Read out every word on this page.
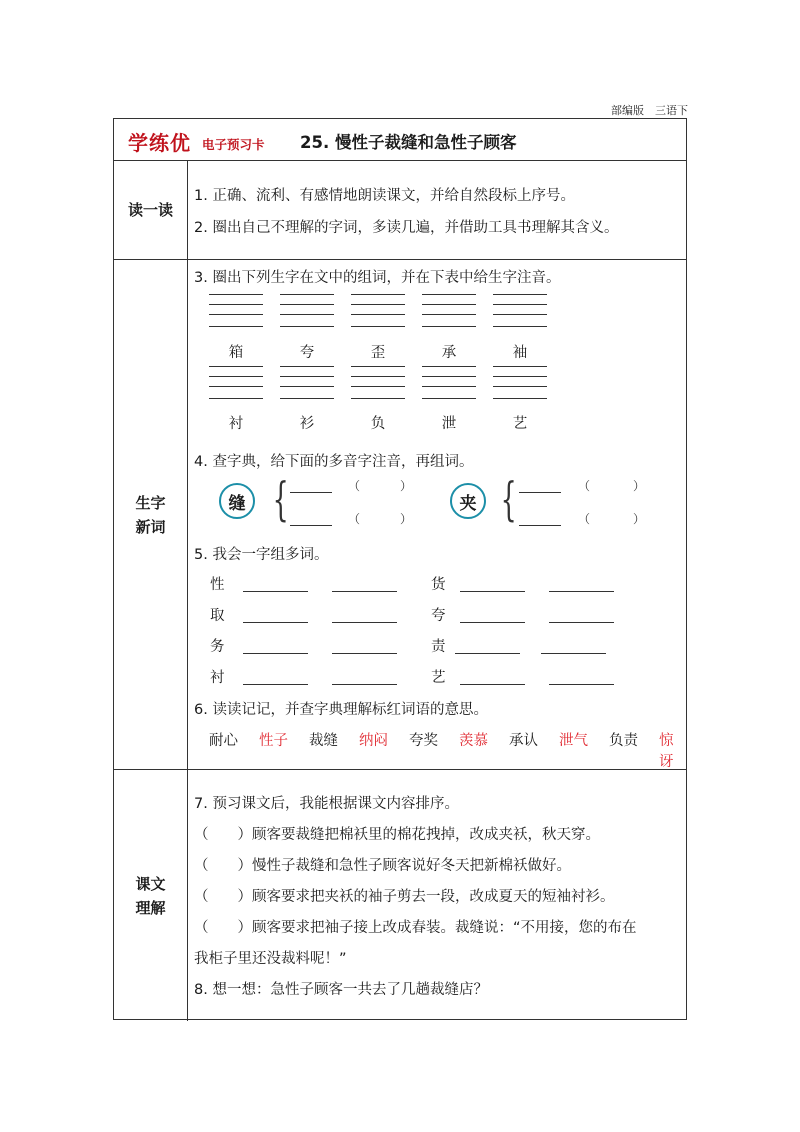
部编版　三语下
学练优 电子预习卡 25. 慢性子裁缝和急性子顾客
读一读
1. 正确、流利、有感情地朗读课文，并给自然段标上序号。
2. 圈出自己不理解的字词，多读几遍，并借助工具书理解其含义。
生字
新词
3. 圈出下列生字在文中的组词，并在下表中给生字注音。
箱	夸	歪	承	袖
衬	衫	负	泄	艺
4. 查字典，给下面的多音字注音，再组词。
缝 {	（	）
（	）
夹 {	（	）
（	）
5. 我会一字组多词。
性	货
取	夸
务	责
衬	艺
6. 读读记记，并查字典理解标红词语的意思。
耐心 性子 裁缝 纳闷 夸奖 羡慕 承认 泄气 负责 惊讶
课文
理解
7. 预习课文后，我能根据课文内容排序。
（　　）顾客要裁缝把棉袄里的棉花拽掉，改成夹袄，秋天穿。
（　　）慢性子裁缝和急性子顾客说好冬天把新棉袄做好。
（　　）顾客要求把夹袄的袖子剪去一段，改成夏天的短袖衬衫。
（　　）顾客要求把袖子接上改成春装。裁缝说：“不用接，您的布在
我柜子里还没裁料呢！”
8. 想一想：急性子顾客一共去了几趟裁缝店？
